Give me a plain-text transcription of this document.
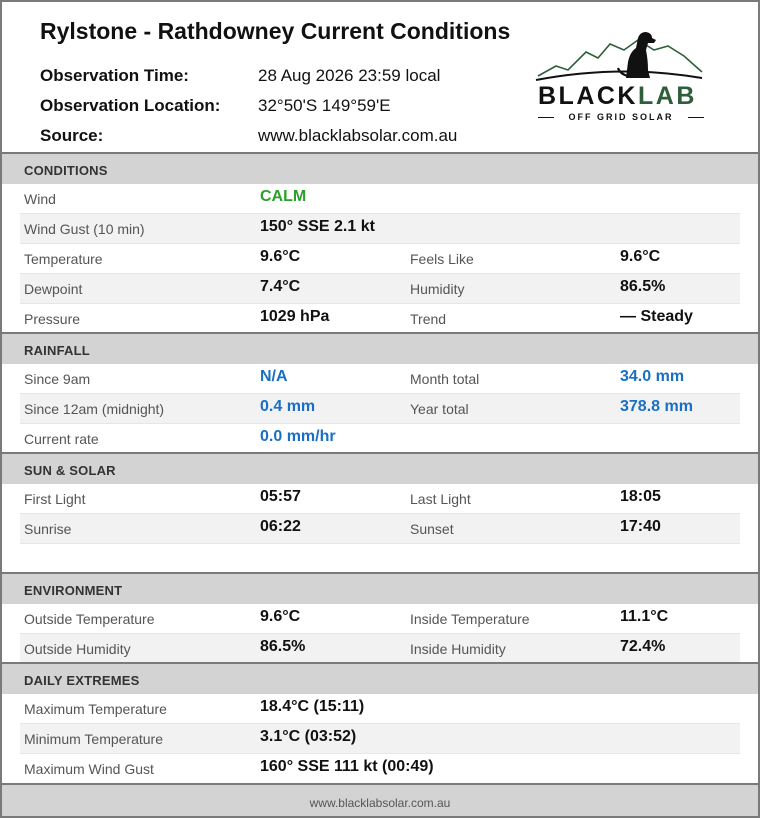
Rylstone - Rathdowney Current Conditions
Observation Time:	28 Aug 2026 23:59 local
Observation Location: 32°50'S 149°59'E
Source:	www.blacklabsolar.com.au
BLACKLAB
OFF GRID SOLAR
CONDITIONS
Wind	CALM
Wind Gust (10 min)	150° SSE 2.1 kt
Temperature	9.6°C	Feels Like	9.6°C
Dewpoint	7.4°C	Humidity	86.5%
Pressure	1029 hPa	Trend	— Steady
RAINFALL
Since 9am	N/A	Month total	34.0 mm
Since 12am (midnight)	0.4 mm	Year total	378.8 mm
Current rate	0.0 mm/hr
SUN & SOLAR
First Light	05:57	Last Light	18:05
Sunrise	06:22	Sunset	17:40
ENVIRONMENT
Outside Temperature	9.6°C	Inside Temperature	11.1°C
Outside Humidity	86.5%	Inside Humidity	72.4%
DAILY EXTREMES
Maximum Temperature	18.4°C (15:11)
Minimum Temperature	3.1°C (03:52)
Maximum Wind Gust	160° SSE 111 kt (00:49)
www.blacklabsolar.com.au
